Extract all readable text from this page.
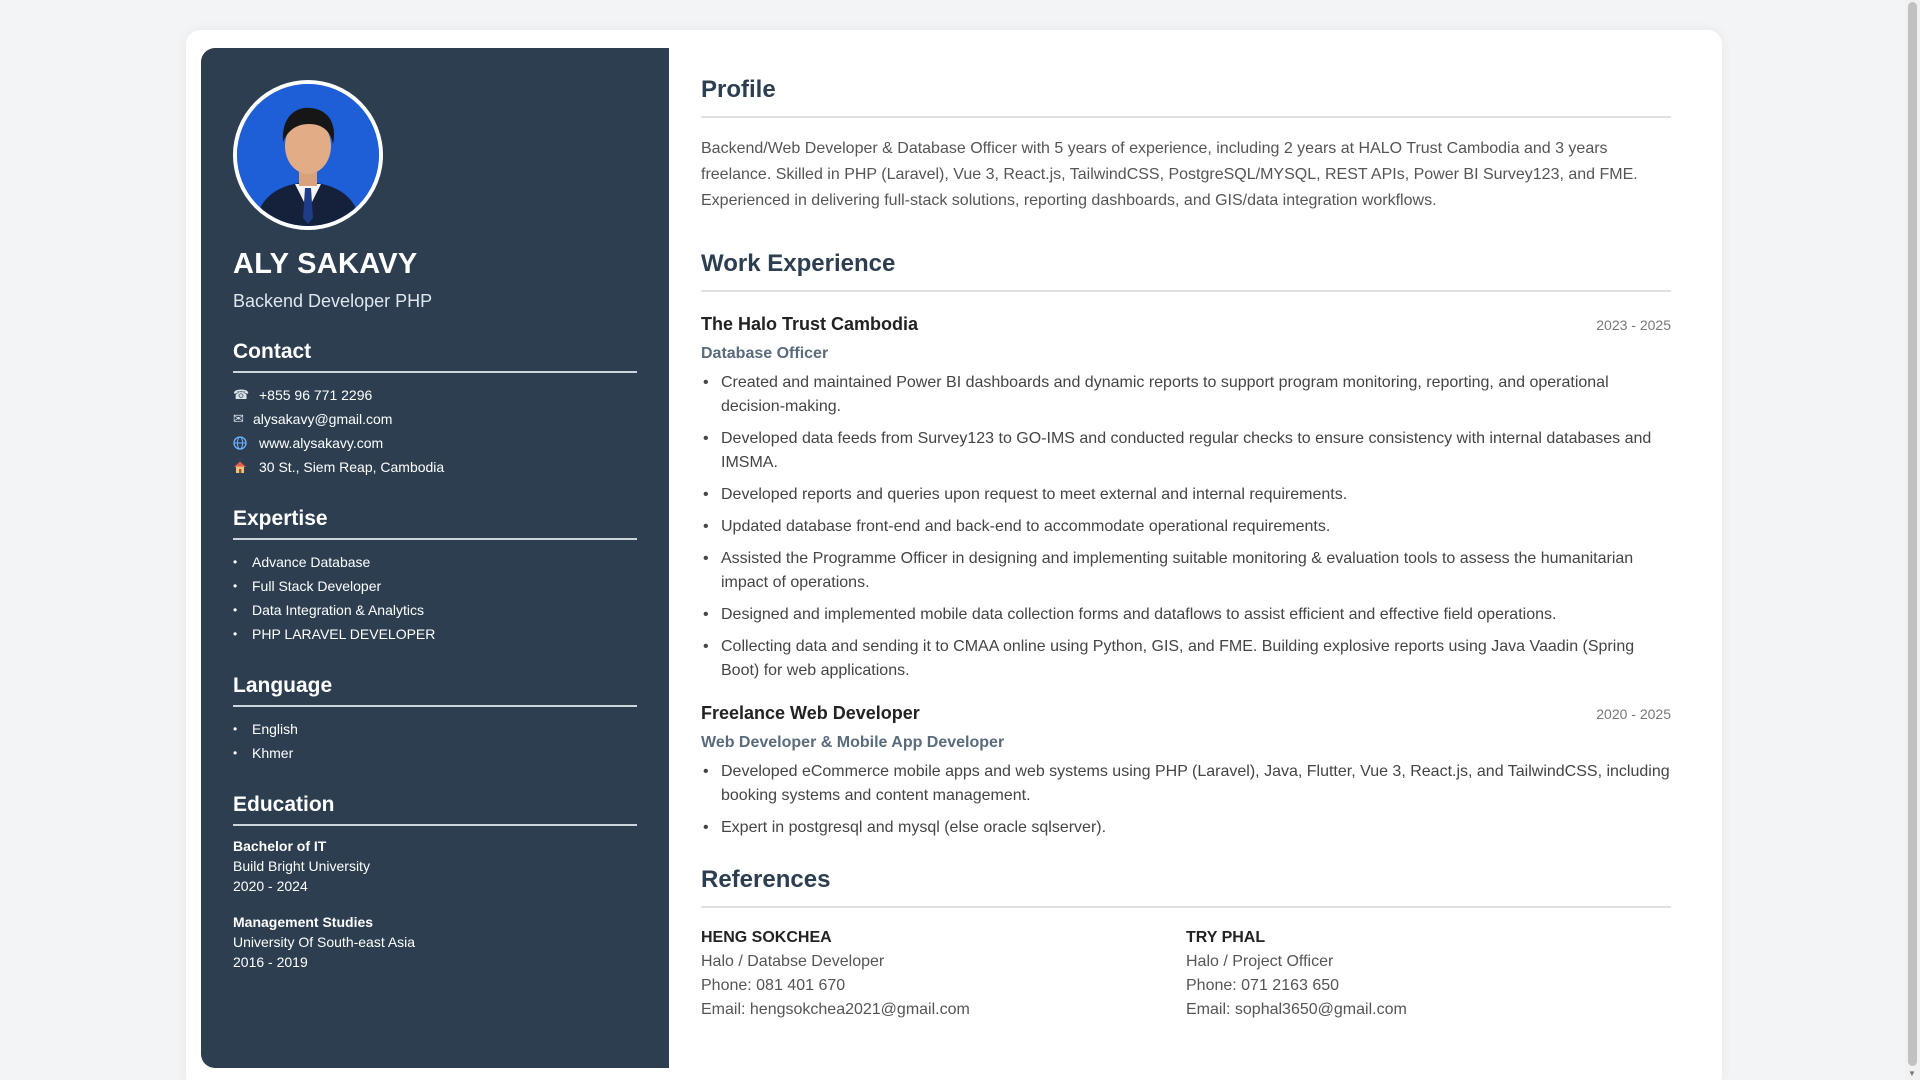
ALY SAKAVY
Backend Developer PHP
Contact
☎ +855 96 771 2296
✉ alysakavy@gmail.com
www.alysakavy.com
30 St., Siem Reap, Cambodia
Expertise
• Advance Database
• Full Stack Developer
• Data Integration & Analytics
• PHP LARAVEL DEVELOPER
Language
• English
• Khmer
Education
Bachelor of IT
Build Bright University
2020 - 2024
Management Studies
University Of South-east Asia
2016 - 2019
Profile

Backend/Web Developer & Database Officer with 5 years of experience, including 2 years at HALO Trust Cambodia and 3 years freelance. Skilled in PHP (Laravel), Vue 3, React.js, TailwindCSS, PostgreSQL/MYSQL, REST APIs, Power BI Survey123, and FME. Experienced in delivering full-stack solutions, reporting dashboards, and GIS/data integration workflows.

Work Experience
The Halo Trust Cambodia	2023 - 2025
Database Officer
• Created and maintained Power BI dashboards and dynamic reports to support program monitoring, reporting, and operational decision-making.
• Developed data feeds from Survey123 to GO-IMS and conducted regular checks to ensure consistency with internal databases and IMSMA.
• Developed reports and queries upon request to meet external and internal requirements.
• Updated database front-end and back-end to accommodate operational requirements.
• Assisted the Programme Officer in designing and implementing suitable monitoring & evaluation tools to assess the humanitarian impact of operations.
• Designed and implemented mobile data collection forms and dataflows to assist efficient and effective field operations.
• Collecting data and sending it to CMAA online using Python, GIS, and FME. Building explosive reports using Java Vaadin (Spring Boot) for web applications.
Freelance Web Developer	2020 - 2025
Web Developer & Mobile App Developer
• Developed eCommerce mobile apps and web systems using PHP (Laravel), Java, Flutter, Vue 3, React.js, and TailwindCSS, including booking systems and content management.
• Expert in postgresql and mysql (else oracle sqlserver).
References
HENG SOKCHEA
Halo / Databse Developer
Phone: 081 401 670
Email: hengsokchea2021@gmail.com
TRY PHAL
Halo / Project Officer
Phone: 071 2163 650
Email: sophal3650@gmail.com
▼
